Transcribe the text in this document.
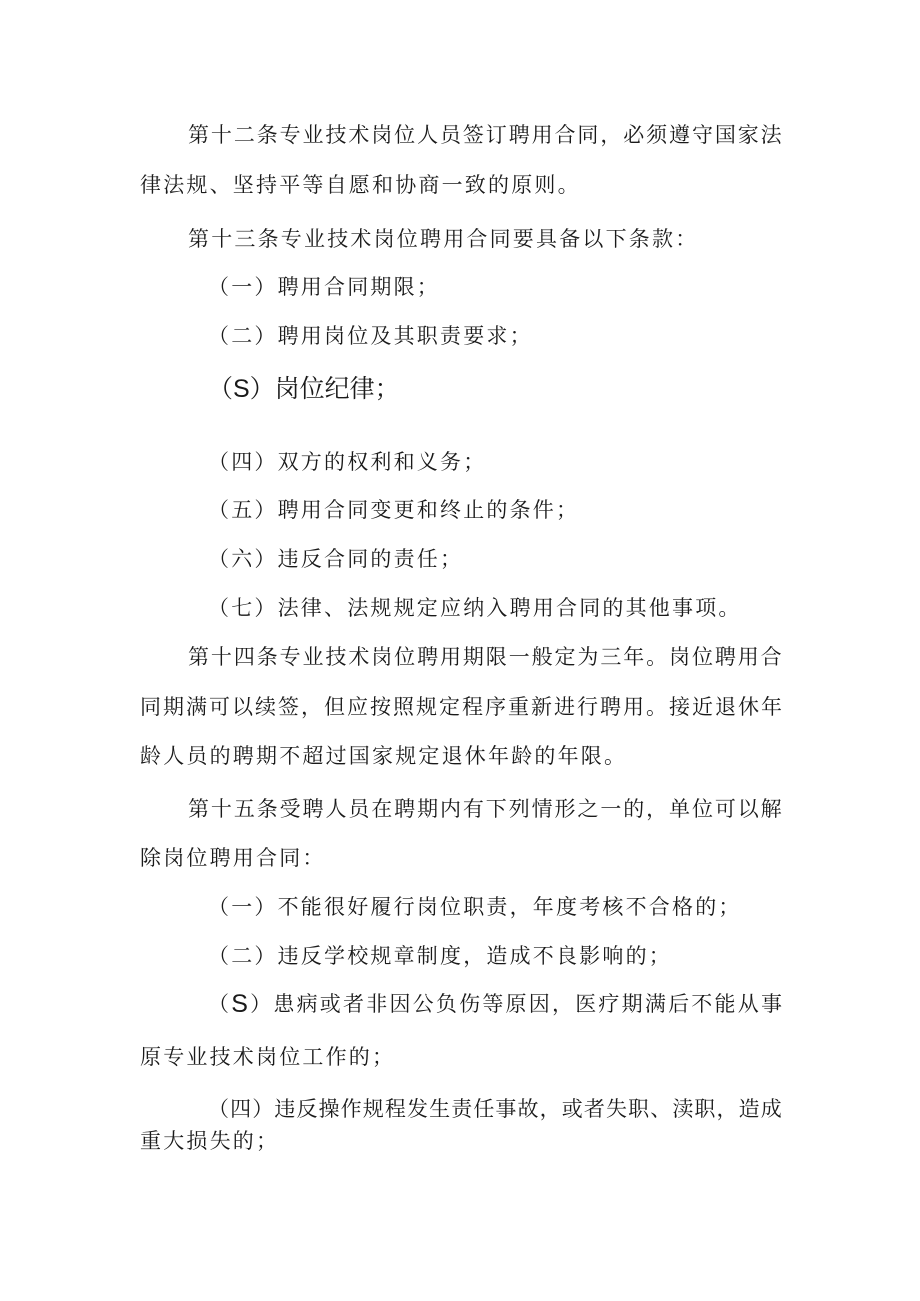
第 十 二 条 专 业 技 术 岗 位 人 员 签 订 聘 用 合 同 ， 必 须 遵 守 国 家 法
律法规、坚持平等自愿和协商一致的原则。
第十三条专业技术岗位聘用合同要具备以下条款：
（一）聘用合同期限；
（二）聘用岗位及其职责要求；
（S）岗位纪律；
（四）双方的权利和义务；
（五）聘用合同变更和终止的条件；
（六）违反合同的责任；
（七）法律、法规规定应纳入聘用合同的其他事项。
第 十 四 条 专 业 技 术 岗 位 聘 用 期 限 一 般 定 为 三 年 。 岗 位 聘 用 合
同 期 满 可 以 续 签 ， 但 应 按 照 规 定 程 序 重 新 进 行 聘 用 。 接 近 退 休 年
龄人员的聘期不超过国家规定退休年龄的年限。
第 十 五 条 受 聘 人 员 在 聘 期 内 有 下 列 情 形 之 一 的 ， 单 位 可 以 解
除岗位聘用合同：
（一）不能很好履行岗位职责，年度考核不合格的；
（二）违反学校规章制度，造成不良影响的；
（ S ） 患 病 或 者 非 因 公 负 伤 等 原 因 ， 医 疗 期 满 后 不 能 从 事
原专业技术岗位工作的；
（ 四 ） 违 反 操 作 规 程 发 生 责 任 事 故 ， 或 者 失 职 、 渎 职 ， 造 成
重大损失的；
